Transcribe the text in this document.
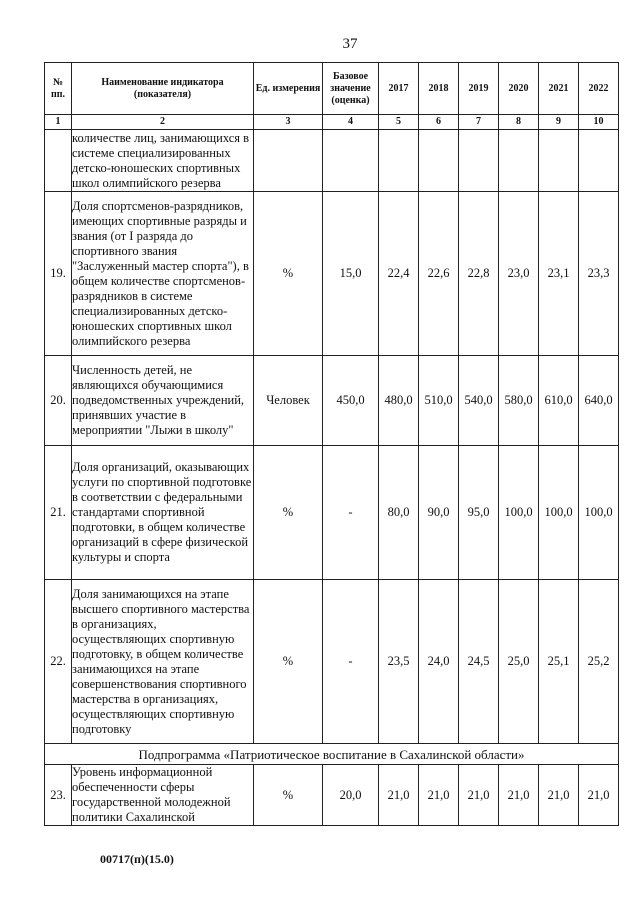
37
№ пп.	Наименование индикатора (показателя)	Ед. измерения	Базовое значение (оценка)	2017	2018	2019	2020	2021	2022
1	2	3	4	5	6	7	8	9	10
	количестве лиц, занимающихся в системе специализированных детско-юношеских спортивных школ олимпийского резерва								
19.	Доля спортсменов-разрядников, имеющих спортивные разряды и звания (от I разряда до спортивного звания "Заслуженный мастер спорта"), в общем количестве спортсменов-разрядников в системе специализированных детско-юношеских спортивных школ олимпийского резерва	%	15,0	22,4	22,6	22,8	23,0	23,1	23,3
20.	Численность детей, не являющихся обучающимися подведомственных учреждений, принявших участие в мероприятии "Лыжи в школу"	Человек	450,0	480,0	510,0	540,0	580,0	610,0	640,0
21.	Доля организаций, оказывающих услуги по спортивной подготовке в соответствии с федеральными стандартами спортивной подготовки, в общем количестве организаций в сфере физической культуры и спорта	%	-	80,0	90,0	95,0	100,0	100,0	100,0
22.	Доля занимающихся на этапе высшего спортивного мастерства в организациях, осуществляющих спортивную подготовку, в общем количестве занимающихся на этапе совершенствования спортивного мастерства в организациях, осуществляющих спортивную подготовку	%	-	23,5	24,0	24,5	25,0	25,1	25,2
Подпрограмма «Патриотическое воспитание в Сахалинской области»									
23.	Уровень информационной обеспеченности сферы государственной молодежной политики Сахалинской	%	20,0	21,0	21,0	21,0	21,0	21,0	21,0
00717(п)(15.0)
